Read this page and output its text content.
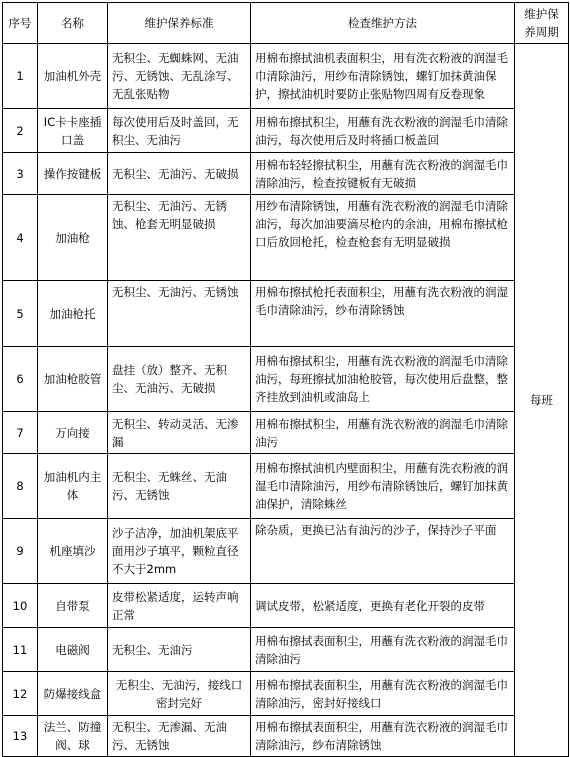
序号	名称	维护保养标准	检查维护方法	维护保养周期
1	加油机外壳	无积尘、无蜘蛛网、无油污、无锈蚀、无乱涂写、无乱张贴物	用棉布擦拭油机表面积尘，用有洗衣粉液的润湿毛巾清除油污，用纱布清除锈蚀，螺钉加抹黄油保护，擦拭油机时要防止张贴物四周有反卷现象	每班
2	IC卡卡座插口盖	每次使用后及时盖回，无积尘、无油污	用棉布擦拭积尘，用蘸有洗衣粉液的润湿毛巾清除油污，每次使用后及时将插口板盖回	
3	操作按键板	无积尘、无油污、无破损	用棉布轻轻擦拭积尘，用蘸有洗衣粉液的润湿毛巾清除油污，检查按键板有无破损	
4	加油枪	无积尘、无油污、无锈蚀、枪套无明显破损	用纱布清除锈蚀，用蘸有洗衣粉液的润湿毛巾清除油污，每次加油要滴尽枪内的余油，用棉布擦拭枪口后放回枪托，检查枪套有无明显破损	
5	加油枪托	无积尘、无油污、无锈蚀	用棉布擦拭枪托表面积尘，用蘸有洗衣粉液的润湿毛巾清除油污，纱布清除锈蚀	
6	加油枪胶管	盘挂（放）整齐、无积尘、无油污、无破损	用棉布擦拭积尘，用蘸有洗衣粉液的润湿毛巾清除油污，每班擦拭加油枪胶管，每次使用后盘整，整齐挂放到油机或油岛上	
7	万向接	无积尘、转动灵活、无渗漏	用棉布擦拭积尘，用蘸有洗衣粉液的润湿毛巾清除油污	
8	加油机内主体	无积尘、无蛛丝、无油污、无锈蚀	用棉布擦拭油机内壁面积尘，用蘸有洗衣粉液的润湿毛巾清除油污，用纱布清除锈蚀后，螺钉加抹黄油保护，清除蛛丝	
9	机座填沙	沙子洁净，加油机架底平面用沙子填平，颗粒直径不大于2mm	除杂质，更换已沾有油污的沙子，保持沙子平面	
10	自带泵	皮带松紧适度，运转声响正常	调试皮带，松紧适度，更换有老化开裂的皮带	
11	电磁阀	无积尘、无油污	用棉布擦拭表面积尘，用蘸有洗衣粉液的润湿毛巾清除油污	
12	防爆接线盒	无积尘、无油污，接线口密封完好	用棉布擦拭表面积尘，用蘸有洗衣粉液的润湿毛巾清除油污，密封好接线口	
13	法兰、防撞阀、球	无积尘、无渗漏、无油污、无锈蚀	用棉布擦拭表面积尘，用蘸有洗衣粉液的润湿毛巾清除油污，纱布清除锈蚀	
